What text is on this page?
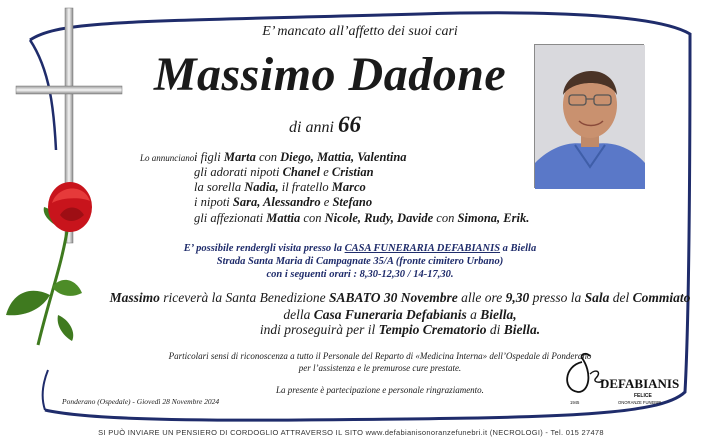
E’ mancato all’affetto dei suoi cari
Massimo Dadone
di anni 66
Lo annunciano:
i figli Marta con Diego, Mattia, Valentina
gli adorati nipoti Chanel e Cristian
la sorella Nadia, il fratello Marco
i nipoti Sara, Alessandro e Stefano
gli affezionati Mattia con Nicole, Rudy, Davide con Simona, Erik.
E’ possibile rendergli visita presso la CASA FUNERARIA DEFABIANIS a Biella
Strada Santa Maria di Campagnate 35/A (fronte cimitero Urbano)
con i seguenti orari : 8,30-12,30 / 14-17,30.
Massimo riceverà la Santa Benedizione SABATO 30 Novembre alle ore 9,30 presso la Sala del Commiato
della Casa Funeraria Defabianis a Biella,
indi proseguirà per il Tempio Crematorio di Biella.
Particolari sensi di riconoscenza a tutto il Personale del Reparto di «Medicina Interna» dell’Ospedale di Ponderano
per l’assistenza e le premurose cure prestate.
La presente è partecipazione e personale ringraziamento.
Ponderano (Ospedale) - Giovedì 28 Novembre 2024
DEFABIANIS
FELICE
ONORANZE FUNEBRI
1945
SI PUÒ INVIARE UN PENSIERO DI CORDOGLIO ATTRAVERSO IL SITO www.defabianisonoranzefunebri.it (NECROLOGI) - Tel. 015 27478
